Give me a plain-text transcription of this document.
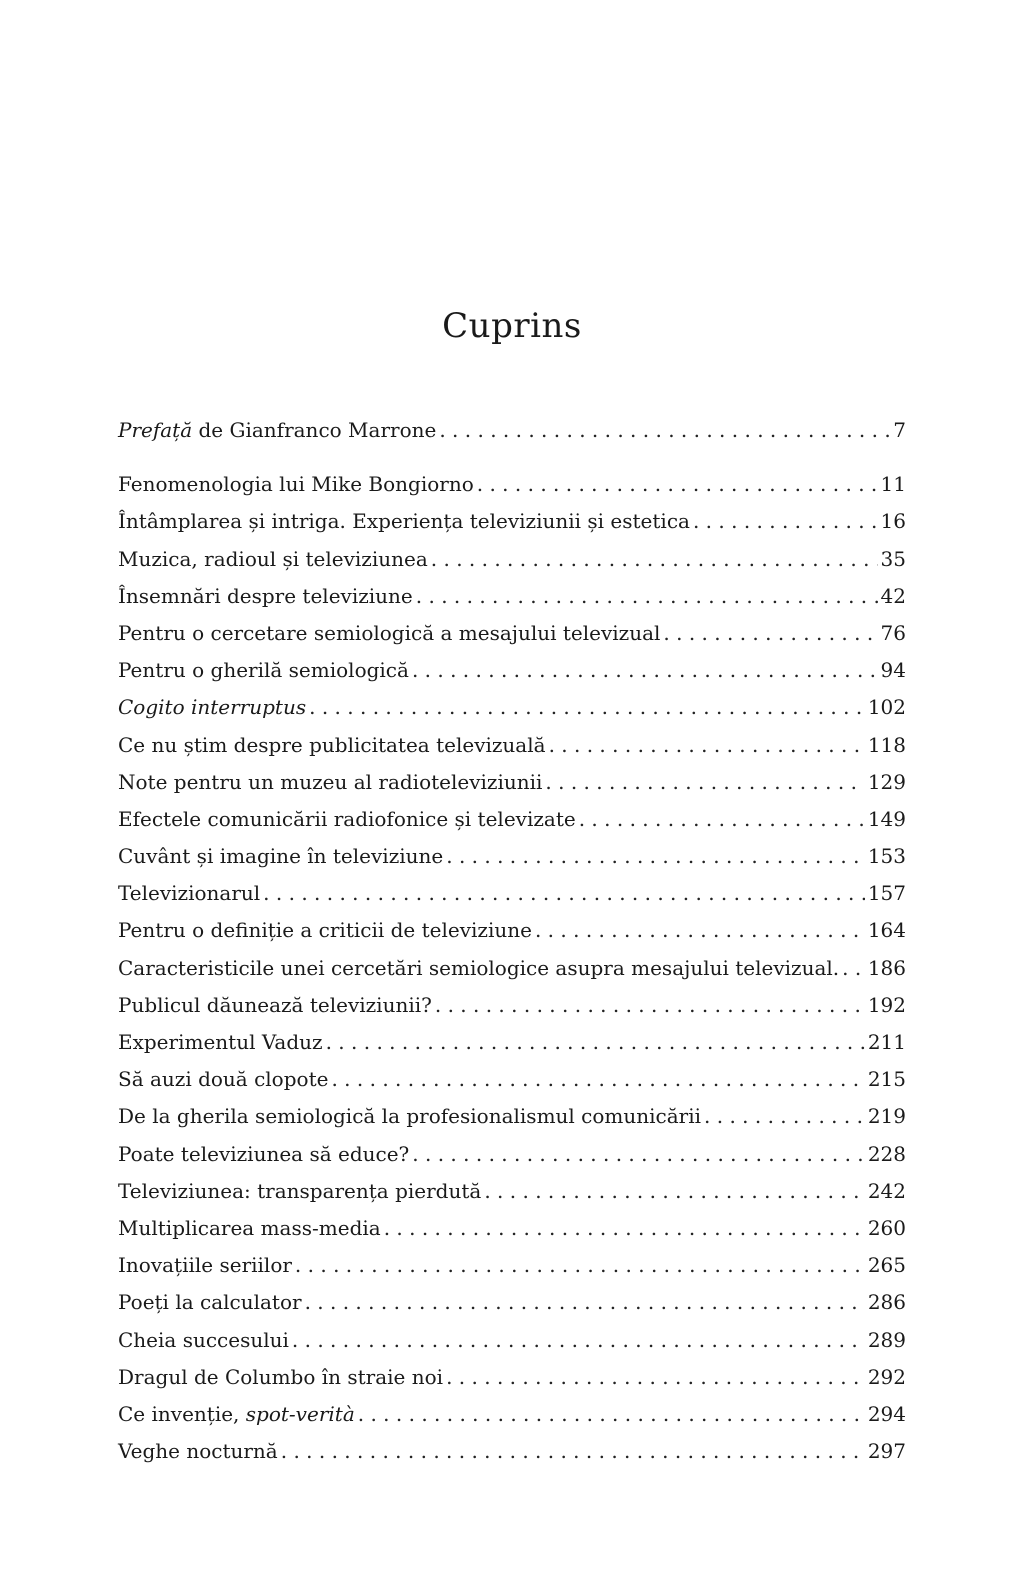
Cuprins
Prefață de Gianfranco Marrone . . .	7
Fenomenologia lui Mike Bongiorno . . .	11
Întâmplarea și intriga. Experiența televiziunii și estetica . . .	16
Muzica, radioul și televiziunea . . .	35
Însemnări despre televiziune . . .	42
Pentru o cercetare semiologică a mesajului televizual . . .	76
Pentru o gherilă semiologică . . .	94
Cogito interruptus . . .	102
Ce nu știm despre publicitatea televizuală . . .	118
Note pentru un muzeu al radioteleviziunii . . .	129
Efectele comunicării radiofonice și televizate . . .	149
Cuvânt și imagine în televiziune . . .	153
Televizionarul . . .	157
Pentru o definiție a criticii de televiziune . . .	164
Caracteristicile unei cercetări semiologice asupra mesajului televizual. . . . 186
Publicul dăunează televiziunii? . . .	192
Experimentul Vaduz . . .	211
Să auzi două clopote . . .	215
De la gherila semiologică la profesionalismul comunicării . . .	219
Poate televiziunea să educe? . . .	228
Televiziunea: transparența pierdută . . .	242
Multiplicarea mass-media . . .	260
Inovațiile seriilor . . .	265
Poeți la calculator . . .	286
Cheia succesului . . .	289
Dragul de Columbo în straie noi . . .	292
Ce invenție, spot-verità . . .	294
Veghe nocturnă . . .	297
